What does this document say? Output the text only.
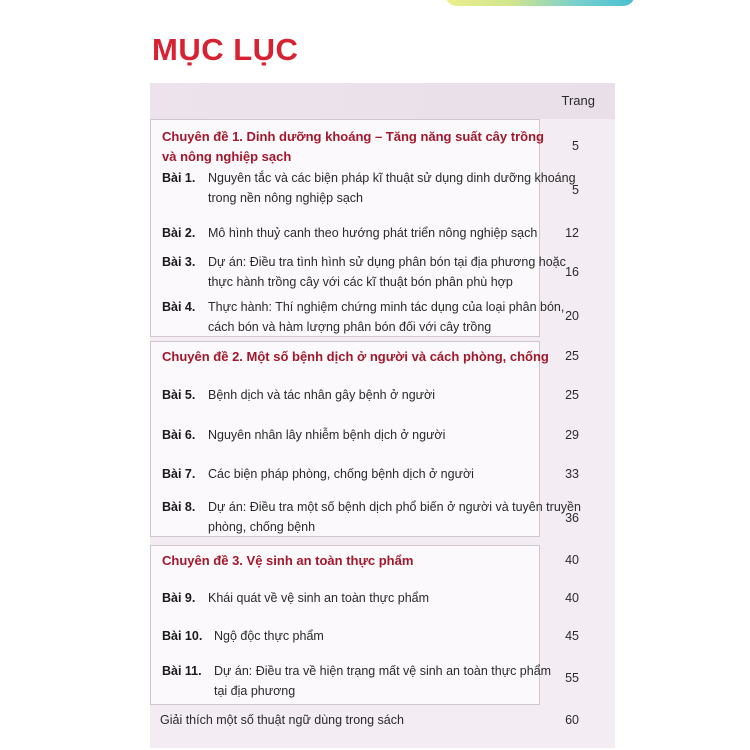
MỤC LỤC
Trang
Chuyên đề 1. Dinh dưỡng khoáng – Tăng năng suất cây trồng
và nông nghiệp sạch
5
Bài 1. Nguyên tắc và các biện pháp kĩ thuật sử dụng dinh dưỡng khoáng
trong nền nông nghiệp sạch
5
Bài 2. Mô hình thuỷ canh theo hướng phát triển nông nghiệp sạch 12
Bài 3. Dự án: Điều tra tình hình sử dụng phân bón tại địa phương hoặc
thực hành trồng cây với các kĩ thuật bón phân phù hợp
16
Bài 4. Thực hành: Thí nghiệm chứng minh tác dụng của loại phân bón,
cách bón và hàm lượng phân bón đối với cây trồng
20
Chuyên đề 2. Một số bệnh dịch ở người và cách phòng, chống 25
Bài 5. Bệnh dịch và tác nhân gây bệnh ở người	25
Bài 6. Nguyên nhân lây nhiễm bệnh dịch ở người	29
Bài 7. Các biện pháp phòng, chống bệnh dịch ở người	33
Bài 8. Dự án: Điều tra một số bệnh dịch phổ biến ở người và tuyên truyền
phòng, chống bệnh
36
Chuyên đề 3. Vệ sinh an toàn thực phẩm	40
Bài 9. Khái quát về vệ sinh an toàn thực phẩm	40
Bài 10. Ngộ độc thực phẩm	45
Bài 11. Dự án: Điều tra về hiện trạng mất vệ sinh an toàn thực phẩm
tại địa phương
55
Giải thích một số thuật ngữ dùng trong sách	60
